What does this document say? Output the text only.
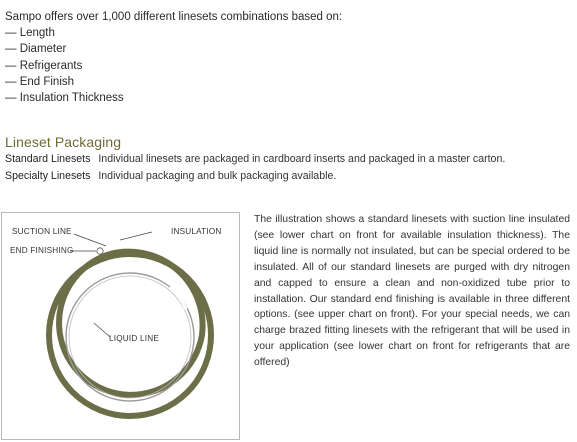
Sampo offers over 1,000 different linesets combinations based on:
— Length
— Diameter
— Refrigerants
— End Finish
— Insulation Thickness
Lineset Packaging
Standard Linesets Individual linesets are packaged in cardboard inserts and packaged in a master carton.
Specialty Linesets Individual packaging and bulk packaging available.
SUCTION LINE	INSULATION
END FINISHING
LIQUID LINE
The illustration shows a standard linesets with suction line insulated (see lower chart on front for available insulation thickness). The liquid line is normally not insulated, but can be special ordered to be insulated. All of our standard linesets are purged with dry nitrogen and capped to ensure a clean and non-oxidized tube prior to installation. Our standard end finishing is available in three different options. (see upper chart on front). For your special needs, we can charge brazed fitting linesets with the refrigerant that will be used in your application (see lower chart on front for refrigerants that are offered)
